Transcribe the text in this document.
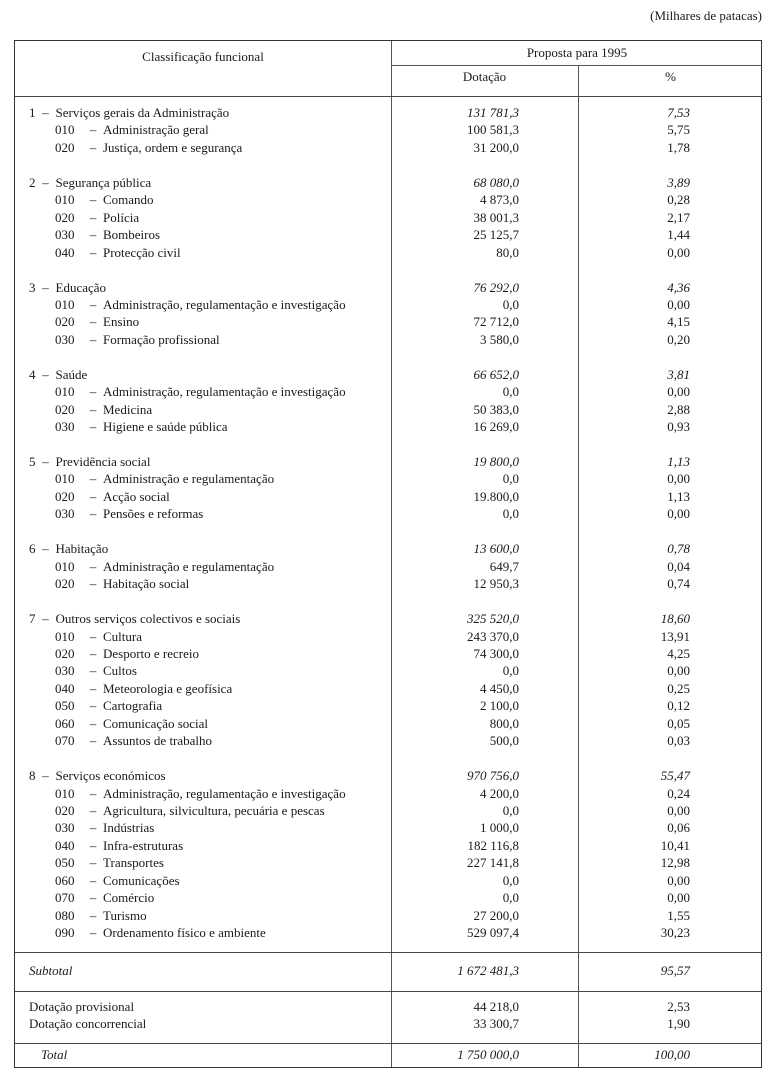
(Milhares de patacas)
Classificação funcional	Proposta para 1995
Dotação	%
1 – Serviços gerais da Administração	131 781,3	7,53
010 – Administração geral	100 581,3	5,75
020 – Justiça, ordem e segurança	31 200,0	1,78
2 – Segurança pública	68 080,0	3,89
010 – Comando	4 873,0	0,28
020 – Polícia	38 001,3	2,17
030 – Bombeiros	25 125,7	1,44
040 – Protecção civil	80,0	0,00
3 – Educação	76 292,0	4,36
010 – Administração, regulamentação e investigação	0,0	0,00
020 – Ensino	72 712,0	4,15
030 – Formação profissional	3 580,0	0,20
4 – Saúde	66 652,0	3,81
010 – Administração, regulamentação e investigação	0,0	0,00
020 – Medicina	50 383,0	2,88
030 – Higiene e saúde pública	16 269,0	0,93
5 – Previdência social	19 800,0	1,13
010 – Administração e regulamentação	0,0	0,00
020 – Acção social	19.800,0	1,13
030 – Pensões e reformas	0,0	0,00
6 – Habitação	13 600,0	0,78
010 – Administração e regulamentação	649,7	0,04
020 – Habitação social	12 950,3	0,74
7 – Outros serviços colectivos e sociais	325 520,0	18,60
010 – Cultura	243 370,0	13,91
020 – Desporto e recreio	74 300,0	4,25
030 – Cultos	0,0	0,00
040 – Meteorologia e geofísica	4 450,0	0,25
050 – Cartografia	2 100,0	0,12
060 – Comunicação social	800,0	0,05
070 – Assuntos de trabalho	500,0	0,03
8 – Serviços económicos	970 756,0	55,47
010 – Administração, regulamentação e investigação	4 200,0	0,24
020 – Agricultura, silvicultura, pecuária e pescas	0,0	0,00
030 – Indústrias	1 000,0	0,06
040 – Infra-estruturas	182 116,8	10,41
050 – Transportes	227 141,8	12,98
060 – Comunicações	0,0	0,00
070 – Comércio	0,0	0,00
080 – Turismo	27 200,0	1,55
090 – Ordenamento físico e ambiente	529 097,4	30,23
Subtotal	1 672 481,3	95,57
Dotação provisional	44 218,0	2,53
Dotação concorrencial	33 300,7	1,90
Total	1 750 000,0	100,00
